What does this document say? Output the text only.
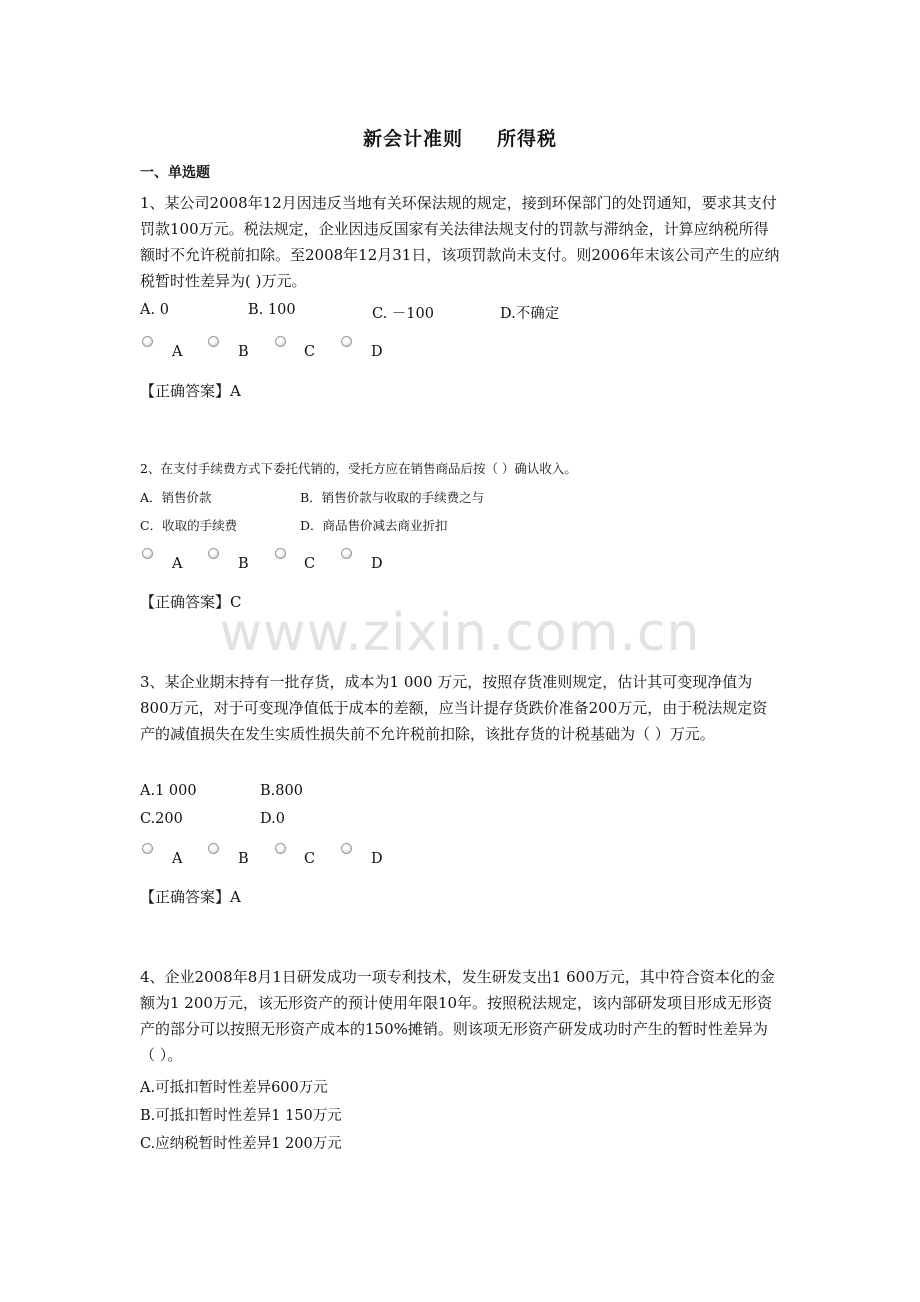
新会计准则 所得税
一、单选题
1、某公司2008年12月因违反当地有关环保法规的规定，接到环保部门的处罚通知，要求其支付罚款100万元。税法规定，企业因违反国家有关法律法规支付的罚款与滞纳金，计算应纳税所得额时不允许税前扣除。至2008年12月31日，该项罚款尚未支付。则2006年末该公司产生的应纳税暂时性差异为( )万元。
A. 0	B. 100	C. －100	D.不确定
A	B	C	D
【正确答案】A
2、在支付手续费方式下委托代销的，受托方应在销售商品后按（ ）确认收入。
A．销售价款	B．销售价款与收取的手续费之与
C．收取的手续费	D．商品售价减去商业折扣
A	B	C	D
【正确答案】C
www.zixin.com.cn
3、某企业期末持有一批存货，成本为1 000 万元，按照存货准则规定，估计其可变现净值为800万元，对于可变现净值低于成本的差额，应当计提存货跌价准备200万元，由于税法规定资产的减值损失在发生实质性损失前不允许税前扣除，该批存货的计税基础为（ ）万元。
A.1 000	B.800
C.200	D.0
A	B	C	D
【正确答案】A
4、企业2008年8月1日研发成功一项专利技术，发生研发支出1 600万元，其中符合资本化的金额为1 200万元，该无形资产的预计使用年限10年。按照税法规定，该内部研发项目形成无形资产的部分可以按照无形资产成本的150%摊销。则该项无形资产研发成功时产生的暂时性差异为（ ）。
A.可抵扣暂时性差异600万元
B.可抵扣暂时性差异1 150万元
C.应纳税暂时性差异1 200万元
